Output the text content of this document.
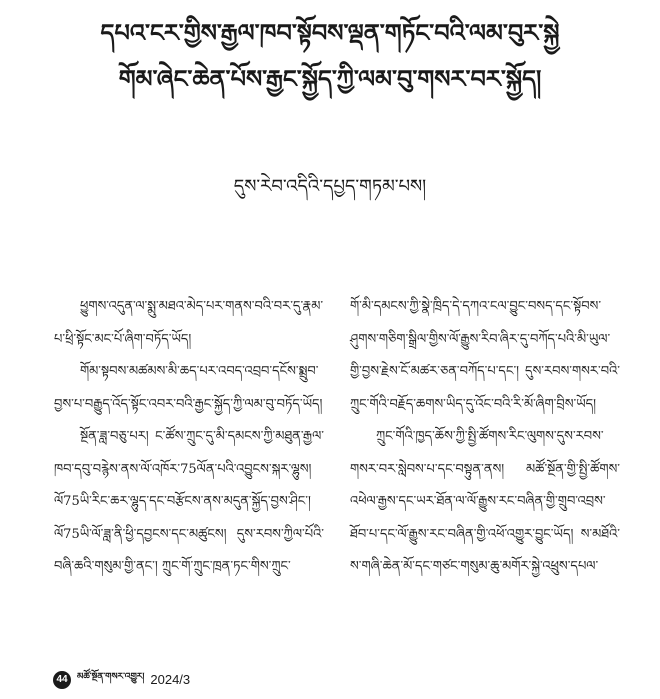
དཔའ་ངར་གྱིས་རྒྱལ་ཁབ་སྟོབས་ལྡན་གཏོང་བའི་ལམ་བུར་སྐྱེ
གོམ་ཞེང་ཆེན་པོས་རྒྱང་སྐྱོད་ཀྱི་ལམ་བུ་གསར་བར་སྐྱོད།
དུས་རེབ་འདིའི་དཔྱད་གཏམ་པས།

ཕྱུགས་འདུན་ལ་སྨུ་མཐའ་མེད་པར་གནས་བའི་བར་དུ་རྣམ་པ་ཕྲི་སྟོང་མང་པོ་ཞིག་བཏོད་ཡོད།

གོམ་སྟབས་མཚམས་མི་ཆད་པར་འབད་འབྲབ་དངོས་སྨྲུབ་བྱས་པ་བརྒྱུད་འོད་སྟོང་འབར་བའི་རྒྱང་སྐྱོད་ཀྱི་ལམ་བུ་བཏོད་ཡོད།

སྔོན་ཟླ་བཅུ་པར། ང་ཚོས་ཀྲུང་དུ་མི་དམངས་ཀྱི་མཐུན་རྒྱལ་ཁབ་དབུ་བརྙེས་ནས་ལོ་འཁོར་75ལོན་པའི་འབྱུངས་སྐར་ལྷུས། ལོ75ཡི་རིང་ཆར་ལྷུད་དང་བརྩོངས་ནས་མདུན་སྐྱོད་བྱས་ཤིང་། ལོ75ཡི་ལོ་ཟླ་ནི་ཕྱི་དབྱངས་དང་མཚུངས། དུས་རབས་ཀྱིལ་པོའི་བཞི་ཆའི་གསུམ་གྱི་ནང་། ཀྲུང་གོ་ཀྲུང་ཁྲན་ཏང་གིས་ཀྲུང་

གོ་མི་དམངས་ཀྱི་སྣེ་ཁྲིད་དེ་དཀའ་ངལ་བྱུང་བསད་དང་སྟོབས་ཤུགས་གཅིག་སྒྲིལ་གྱིས་ལོ་རྒྱུས་རིབ་ཞིར་དུ་བཀོད་པའི་མི་ཡུལ་གྱི་བྱས་རྗེས་ངོ་མཚར་ཅན་བཀོད་པ་དང་། དུས་རབས་གསར་བའི་ཀྲུང་གོའི་བརྗོད་ཆགས་ཡིད་དུ་འོང་བའི་རི་མོ་ཞིག་བྲིས་ཡོད།

ཀྲུང་གོའི་ཁྱད་ཆོས་ཀྱི་སྤྱི་ཚོགས་རིང་ལུགས་དུས་རབས་གསར་བར་སླེབས་པ་དང་བསྟུན་ནས། མཚོ་སྔོན་གྱི་སྤྱི་ཚོགས་འཕེལ་རྒྱས་དང་ཡར་ཐོན་ལ་ལོ་རྒྱུས་རང་བཞིན་གྱི་གྲུབ་འབྲས་ཐོབ་པ་དང་ལོ་རྒྱུས་རང་བཞིན་གྱི་འཕོ་འགྱུར་བྱུང་ཡོད། ས་མཐོའི་ས་གཞི་ཆེན་མོ་དང་གཙང་གསུམ་ཆུ་མགོར་སྐྱེ་འཕྲུས་དཔལ་

44	མཚོ་སྔོན་གསར་འགྱུར། 2024/3
